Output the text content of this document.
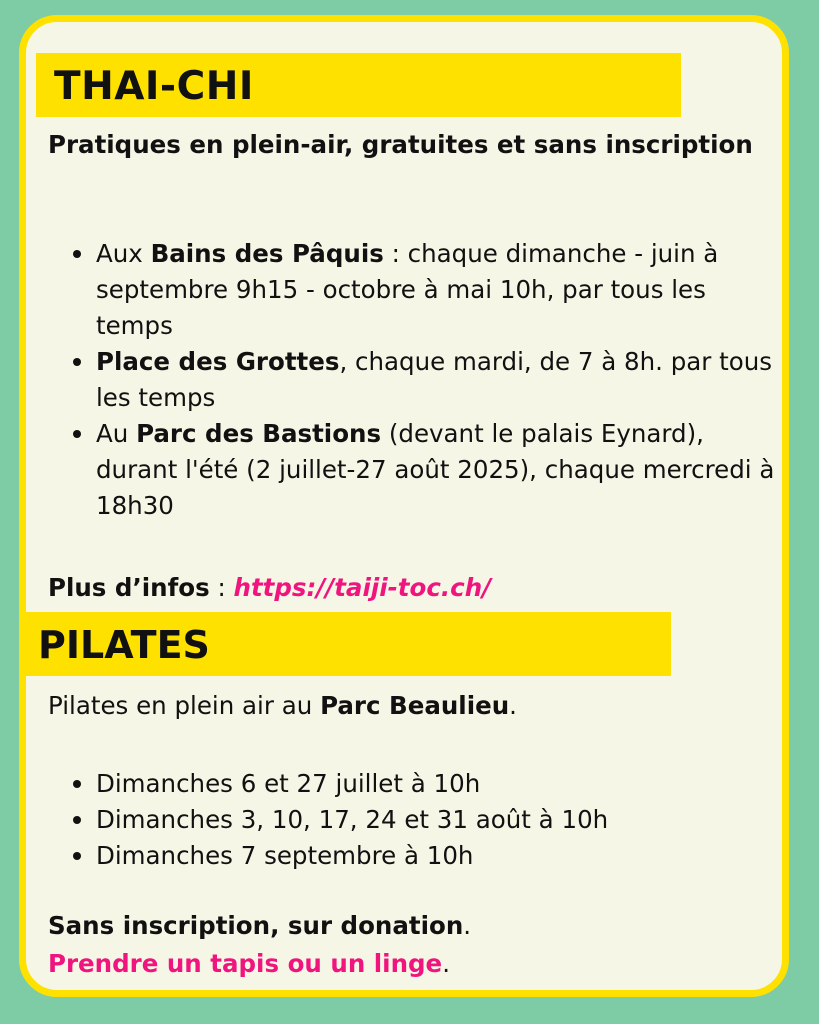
THAI-CHI
Pratiques en plein-air, gratuites et sans inscription
Aux Bains des Pâquis : chaque dimanche - juin à septembre 9h15 - octobre à mai 10h, par tous les temps
Place des Grottes, chaque mardi, de 7 à 8h. par tous les temps
Au Parc des Bastions (devant le palais Eynard), durant l'été (2 juillet-27 août 2025), chaque mercredi à 18h30
Plus d’infos : https://taiji-toc.ch/
PILATES
Pilates en plein air au Parc Beaulieu.
Dimanches 6 et 27 juillet à 10h
Dimanches 3, 10, 17, 24 et 31 août à 10h
Dimanches 7 septembre à 10h
Sans inscription, sur donation.
Prendre un tapis ou un linge.
